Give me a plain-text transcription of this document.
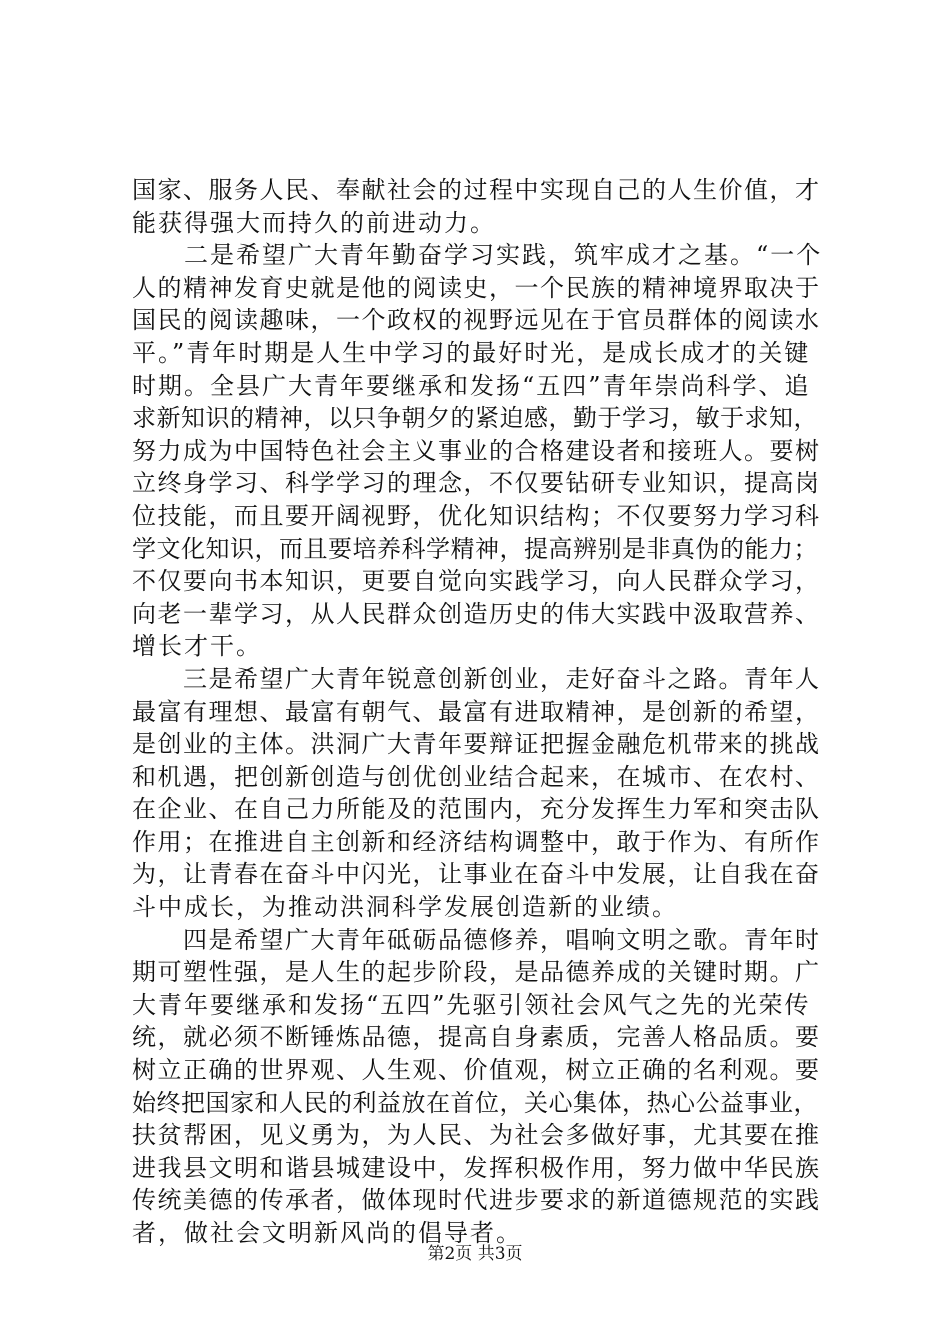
国家、服务人民、奉献社会的过程中实现自己的人生价值，才
能获得强大而持久的前进动力。
　　二是希望广大青年勤奋学习实践，筑牢成才之基。“一个
人的精神发育史就是他的阅读史，一个民族的精神境界取决于
国民的阅读趣味，一个政权的视野远见在于官员群体的阅读水
平。”青年时期是人生中学习的最好时光，是成长成才的关键
时期。全县广大青年要继承和发扬“五四”青年崇尚科学、追
求新知识的精神，以只争朝夕的紧迫感，勤于学习，敏于求知，
努力成为中国特色社会主义事业的合格建设者和接班人。要树
立终身学习、科学学习的理念，不仅要钻研专业知识，提高岗
位技能，而且要开阔视野，优化知识结构；不仅要努力学习科
学文化知识，而且要培养科学精神，提高辨别是非真伪的能力；
不仅要向书本知识，更要自觉向实践学习，向人民群众学习，
向老一辈学习，从人民群众创造历史的伟大实践中汲取营养、
增长才干。
　　三是希望广大青年锐意创新创业，走好奋斗之路。青年人
最富有理想、最富有朝气、最富有进取精神，是创新的希望，
是创业的主体。洪洞广大青年要辩证把握金融危机带来的挑战
和机遇，把创新创造与创优创业结合起来，在城市、在农村、
在企业、在自己力所能及的范围内，充分发挥生力军和突击队
作用；在推进自主创新和经济结构调整中，敢于作为、有所作
为，让青春在奋斗中闪光，让事业在奋斗中发展，让自我在奋
斗中成长，为推动洪洞科学发展创造新的业绩。
　　四是希望广大青年砥砺品德修养，唱响文明之歌。青年时
期可塑性强，是人生的起步阶段，是品德养成的关键时期。广
大青年要继承和发扬“五四”先驱引领社会风气之先的光荣传
统，就必须不断锤炼品德，提高自身素质，完善人格品质。要
树立正确的世界观、人生观、价值观，树立正确的名利观。要
始终把国家和人民的利益放在首位，关心集体，热心公益事业，
扶贫帮困，见义勇为，为人民、为社会多做好事，尤其要在推
进我县文明和谐县城建设中，发挥积极作用，努力做中华民族
传统美德的传承者，做体现时代进步要求的新道德规范的实践
者，做社会文明新风尚的倡导者。
第2页 共3页
